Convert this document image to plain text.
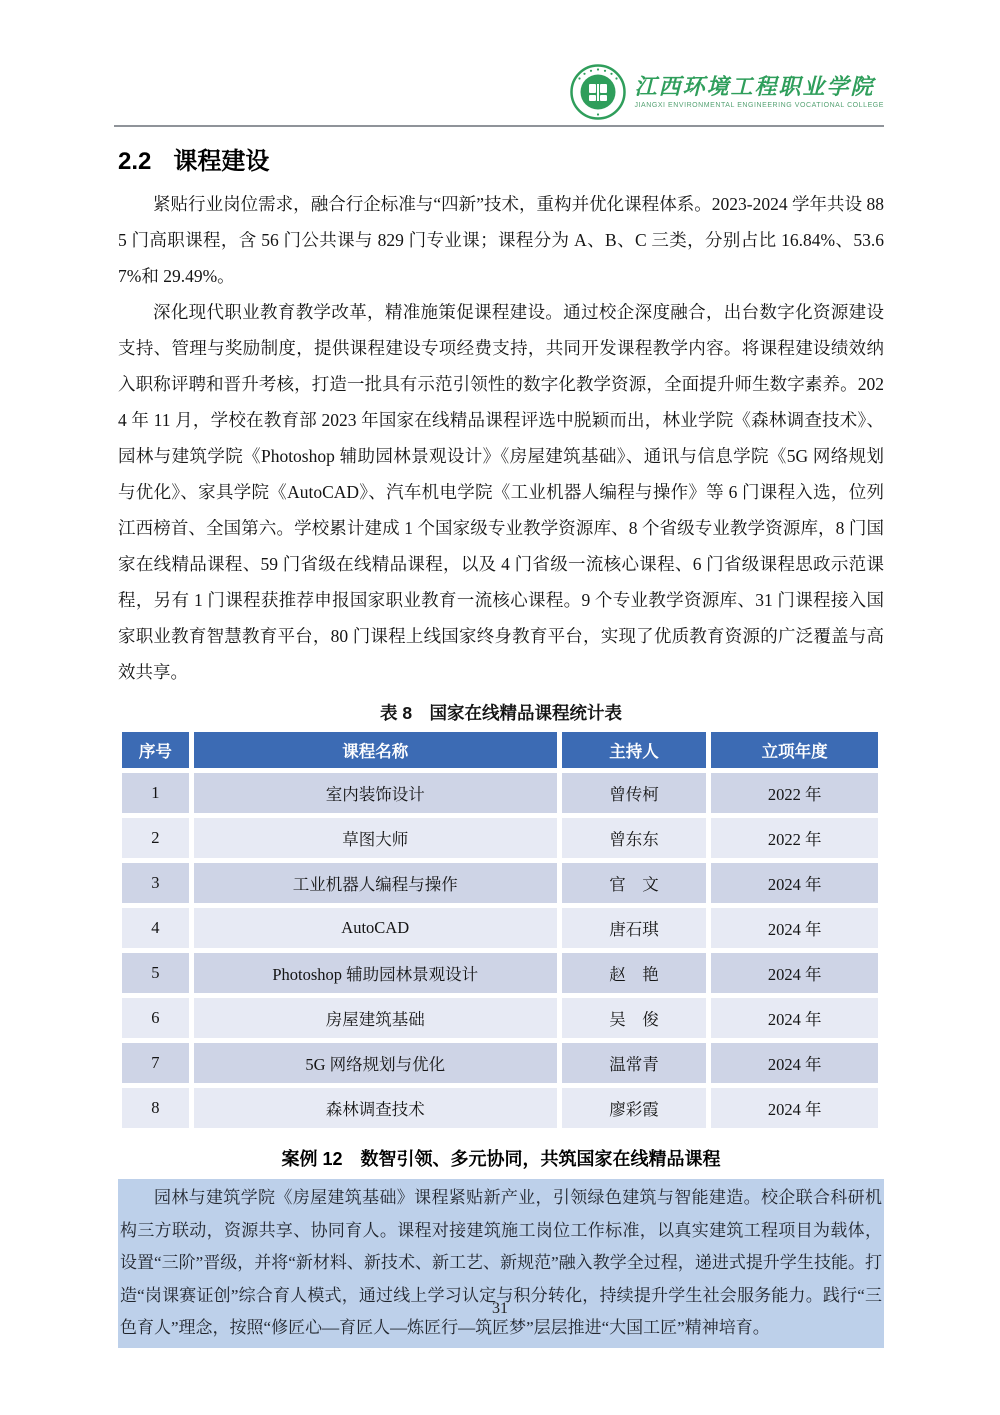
江西环境工程职业学院
JIANGXI ENVIRONMENTAL ENGINEERING VOCATIONAL COLLEGE
2.2 课程建设

紧贴行业岗位需求，融合行企标准与“四新”技术，重构并优化课程体系。2023-2024 学年共设 885 门高职课程，含 56 门公共课与 829 门专业课；课程分为 A、B、C 三类，分别占比 16.84%、53.67%和 29.49%。

深化现代职业教育教学改革，精准施策促课程建设。通过校企深度融合，出台数字化资源建设支持、管理与奖励制度，提供课程建设专项经费支持，共同开发课程教学内容。将课程建设绩效纳入职称评聘和晋升考核，打造一批具有示范引领性的数字化教学资源，全面提升师生数字素养。2024 年 11 月，学校在教育部 2023 年国家在线精品课程评选中脱颖而出，林业学院《森林调查技术》、园林与建筑学院《Photoshop 辅助园林景观设计》《房屋建筑基础》、通讯与信息学院《5G 网络规划与优化》、家具学院《AutoCAD》、汽车机电学院《工业机器人编程与操作》等 6 门课程入选，位列江西榜首、全国第六。学校累计建成 1 个国家级专业教学资源库、8 个省级专业教学资源库，8 门国家在线精品课程、59 门省级在线精品课程，以及 4 门省级一流核心课程、6 门省级课程思政示范课程，另有 1 门课程获推荐申报国家职业教育一流核心课程。9 个专业教学资源库、31 门课程接入国家职业教育智慧教育平台，80 门课程上线国家终身教育平台，实现了优质教育资源的广泛覆盖与高效共享。

表 8　国家在线精品课程统计表
序号	课程名称	主持人	立项年度
1	室内装饰设计	曾传柯	2022 年
2	草图大师	曾东东	2022 年
3	工业机器人编程与操作	官　文	2024 年
4	AutoCAD	唐石琪	2024 年
5	Photoshop 辅助园林景观设计	赵　艳	2024 年
6	房屋建筑基础	吴　俊	2024 年
7	5G 网络规划与优化	温常青	2024 年
8	森林调查技术	廖彩霞	2024 年
案例 12　数智引领、多元协同，共筑国家在线精品课程

园林与建筑学院《房屋建筑基础》课程紧贴新产业，引领绿色建筑与智能建造。校企联合科研机构三方联动，资源共享、协同育人。课程对接建筑施工岗位工作标准，以真实建筑工程项目为载体，设置“三阶”晋级，并将“新材料、新技术、新工艺、新规范”融入教学全过程，递进式提升学生技能。打造“岗课赛证创”综合育人模式，通过线上学习认定与积分转化，持续提升学生社会服务能力。践行“三色育人”理念，按照“修匠心—育匠人—炼匠行—筑匠梦”层层推进“大国工匠”精神培育。

31
